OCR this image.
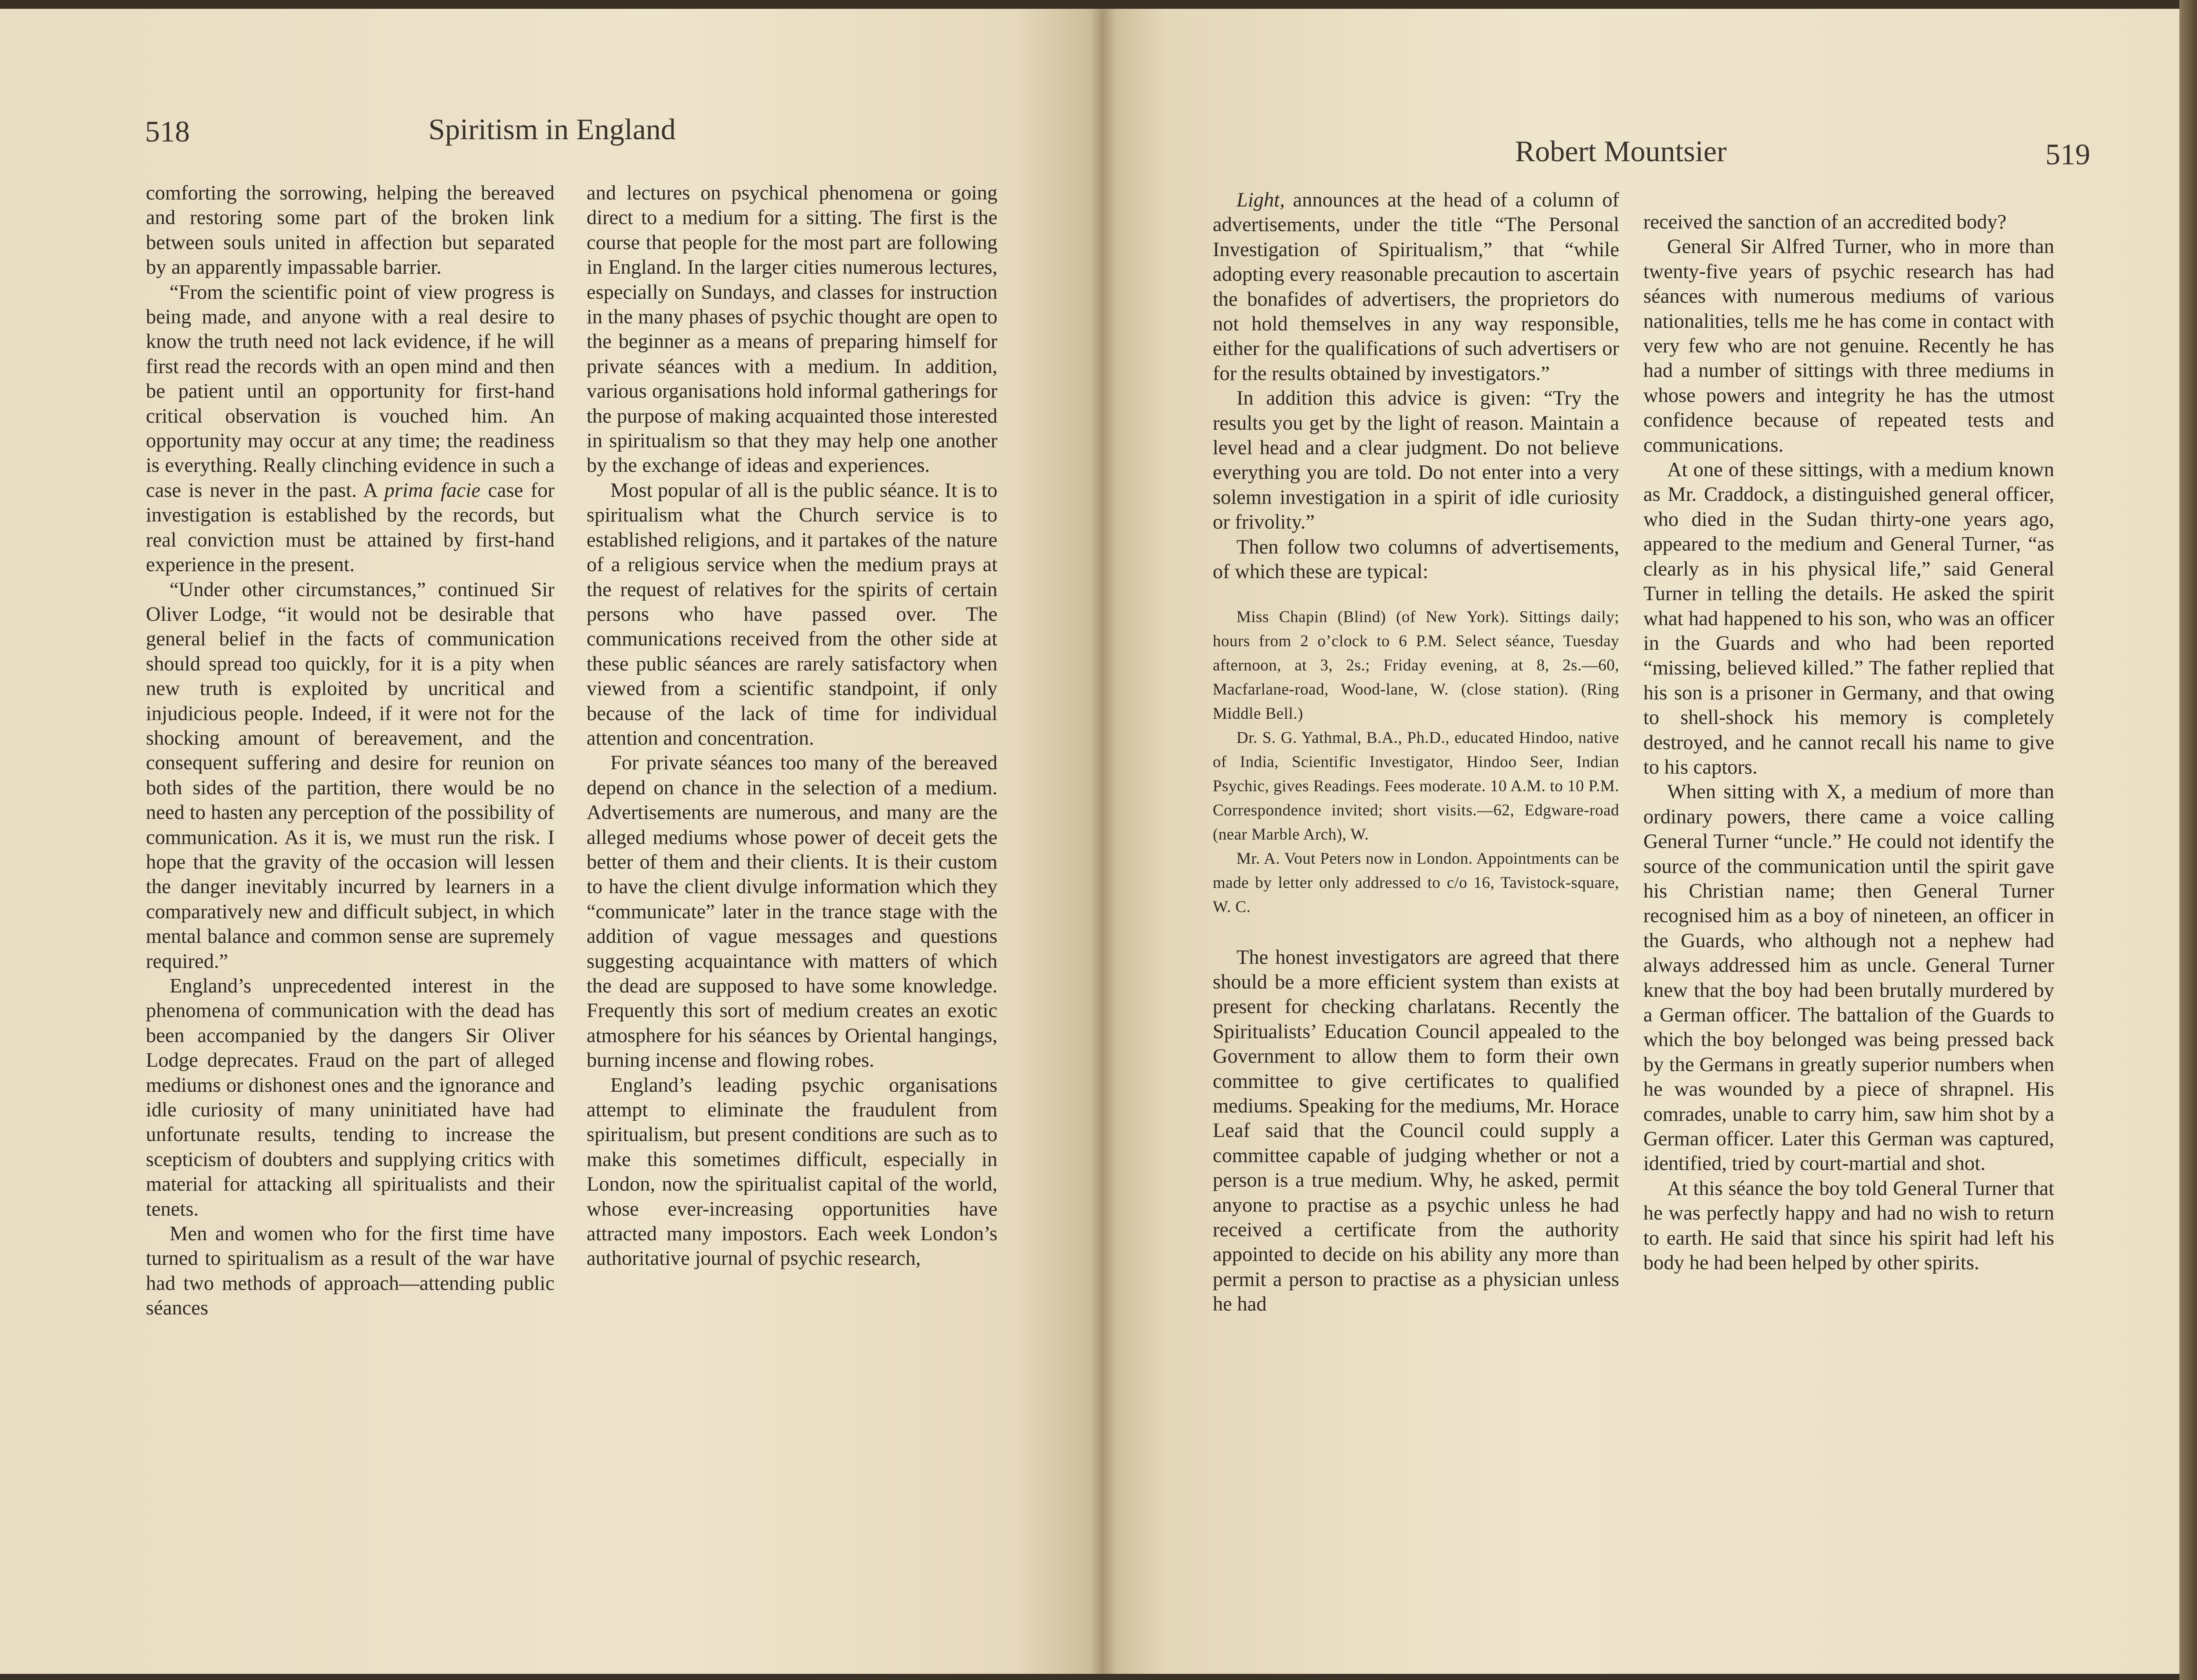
518	Spiritism in England

comforting the sorrowing, helping the bereaved and restoring some part of the broken link between souls united in affection but separated by an apparently impassable barrier.

“From the scientific point of view progress is being made, and anyone with a real desire to know the truth need not lack evidence, if he will first read the records with an open mind and then be patient until an opportunity for first-hand critical observation is vouched him. An opportunity may occur at any time; the readiness is everything. Really clinching evidence in such a case is never in the past. A prima facie case for investigation is established by the records, but real conviction must be attained by first-hand experience in the present.

“Under other circumstances,” continued Sir Oliver Lodge, “it would not be desirable that general belief in the facts of communication should spread too quickly, for it is a pity when new truth is exploited by uncritical and injudicious people. Indeed, if it were not for the shocking amount of bereavement, and the consequent suffering and desire for reunion on both sides of the partition, there would be no need to hasten any perception of the possibility of communication. As it is, we must run the risk. I hope that the gravity of the occasion will lessen the danger inevitably incurred by learners in a comparatively new and difficult subject, in which mental balance and common sense are supremely required.”

England’s unprecedented interest in the phenomena of communication with the dead has been accompanied by the dangers Sir Oliver Lodge deprecates. Fraud on the part of alleged mediums or dishonest ones and the ignorance and idle curiosity of many uninitiated have had unfortunate results, tending to increase the scepticism of doubters and supplying critics with material for attacking all spiritualists and their tenets.

Men and women who for the first time have turned to spiritualism as a result of the war have had two methods of approach—attending public séances

and lectures on psychical phenomena or going direct to a medium for a sitting. The first is the course that people for the most part are following in England. In the larger cities numerous lectures, especially on Sundays, and classes for instruction in the many phases of psychic thought are open to the beginner as a means of preparing himself for private séances with a medium. In addition, various organisations hold informal gatherings for the purpose of making acquainted those interested in spiritualism so that they may help one another by the exchange of ideas and experiences.

Most popular of all is the public séance. It is to spiritualism what the Church service is to established religions, and it partakes of the nature of a religious service when the medium prays at the request of relatives for the spirits of certain persons who have passed over. The communications received from the other side at these public séances are rarely satisfactory when viewed from a scientific standpoint, if only because of the lack of time for individual attention and concentration.

For private séances too many of the bereaved depend on chance in the selection of a medium. Advertisements are numerous, and many are the alleged mediums whose power of deceit gets the better of them and their clients. It is their custom to have the client divulge information which they “communicate” later in the trance stage with the addition of vague messages and questions suggesting acquaintance with matters of which the dead are supposed to have some knowledge. Frequently this sort of medium creates an exotic atmosphere for his séances by Oriental hangings, burning incense and flowing robes.

England’s leading psychic organisations attempt to eliminate the fraudulent from spiritualism, but present conditions are such as to make this sometimes difficult, especially in London, now the spiritualist capital of the world, whose ever-increasing opportunities have attracted many impostors. Each week London’s authoritative journal of psychic research,

Robert Mountsier	519

Light, announces at the head of a column of advertisements, under the title “The Personal Investigation of Spiritualism,” that “while adopting every reasonable precaution to ascertain the bonafides of advertisers, the proprietors do not hold themselves in any way responsible, either for the qualifications of such advertisers or for the results obtained by investigators.”

In addition this advice is given: “Try the results you get by the light of reason. Maintain a level head and a clear judgment. Do not believe everything you are told. Do not enter into a very solemn investigation in a spirit of idle curiosity or frivolity.”

Then follow two columns of advertisements, of which these are typical:

Miss Chapin (Blind) (of New York). Sittings daily; hours from 2 o’clock to 6 P.M. Select séance, Tuesday afternoon, at 3, 2s.; Friday evening, at 8, 2s.—60, Macfarlane-road, Wood-lane, W. (close station). (Ring Middle Bell.)

Dr. S. G. Yathmal, B.A., Ph.D., educated Hindoo, native of India, Scientific Investigator, Hindoo Seer, Indian Psychic, gives Readings. Fees moderate. 10 A.M. to 10 P.M. Correspondence invited; short visits.—62, Edgware-road (near Marble Arch), W.

Mr. A. Vout Peters now in London. Appointments can be made by letter only addressed to c/o 16, Tavistock-square, W. C.

The honest investigators are agreed that there should be a more efficient system than exists at present for checking charlatans. Recently the Spiritualists’ Education Council appealed to the Government to allow them to form their own committee to give certificates to qualified mediums. Speaking for the mediums, Mr. Horace Leaf said that the Council could supply a committee capable of judging whether or not a person is a true medium. Why, he asked, permit anyone to practise as a psychic unless he had received a certificate from the authority appointed to decide on his ability any more than permit a person to practise as a physician unless he had

received the sanction of an accredited body?

General Sir Alfred Turner, who in more than twenty-five years of psychic research has had séances with numerous mediums of various nationalities, tells me he has come in contact with very few who are not genuine. Recently he has had a number of sittings with three mediums in whose powers and integrity he has the utmost confidence because of repeated tests and communications.

At one of these sittings, with a medium known as Mr. Craddock, a distinguished general officer, who died in the Sudan thirty-one years ago, appeared to the medium and General Turner, “as clearly as in his physical life,” said General Turner in telling the details. He asked the spirit what had happened to his son, who was an officer in the Guards and who had been reported “missing, believed killed.” The father replied that his son is a prisoner in Germany, and that owing to shell-shock his memory is completely destroyed, and he cannot recall his name to give to his captors.

When sitting with X, a medium of more than ordinary powers, there came a voice calling General Turner “uncle.” He could not identify the source of the communication until the spirit gave his Christian name; then General Turner recognised him as a boy of nineteen, an officer in the Guards, who although not a nephew had always addressed him as uncle. General Turner knew that the boy had been brutally murdered by a German officer. The battalion of the Guards to which the boy belonged was being pressed back by the Germans in greatly superior numbers when he was wounded by a piece of shrapnel. His comrades, unable to carry him, saw him shot by a German officer. Later this German was captured, identified, tried by court-martial and shot.

At this séance the boy told General Turner that he was perfectly happy and had no wish to return to earth. He said that since his spirit had left his body he had been helped by other spirits.
